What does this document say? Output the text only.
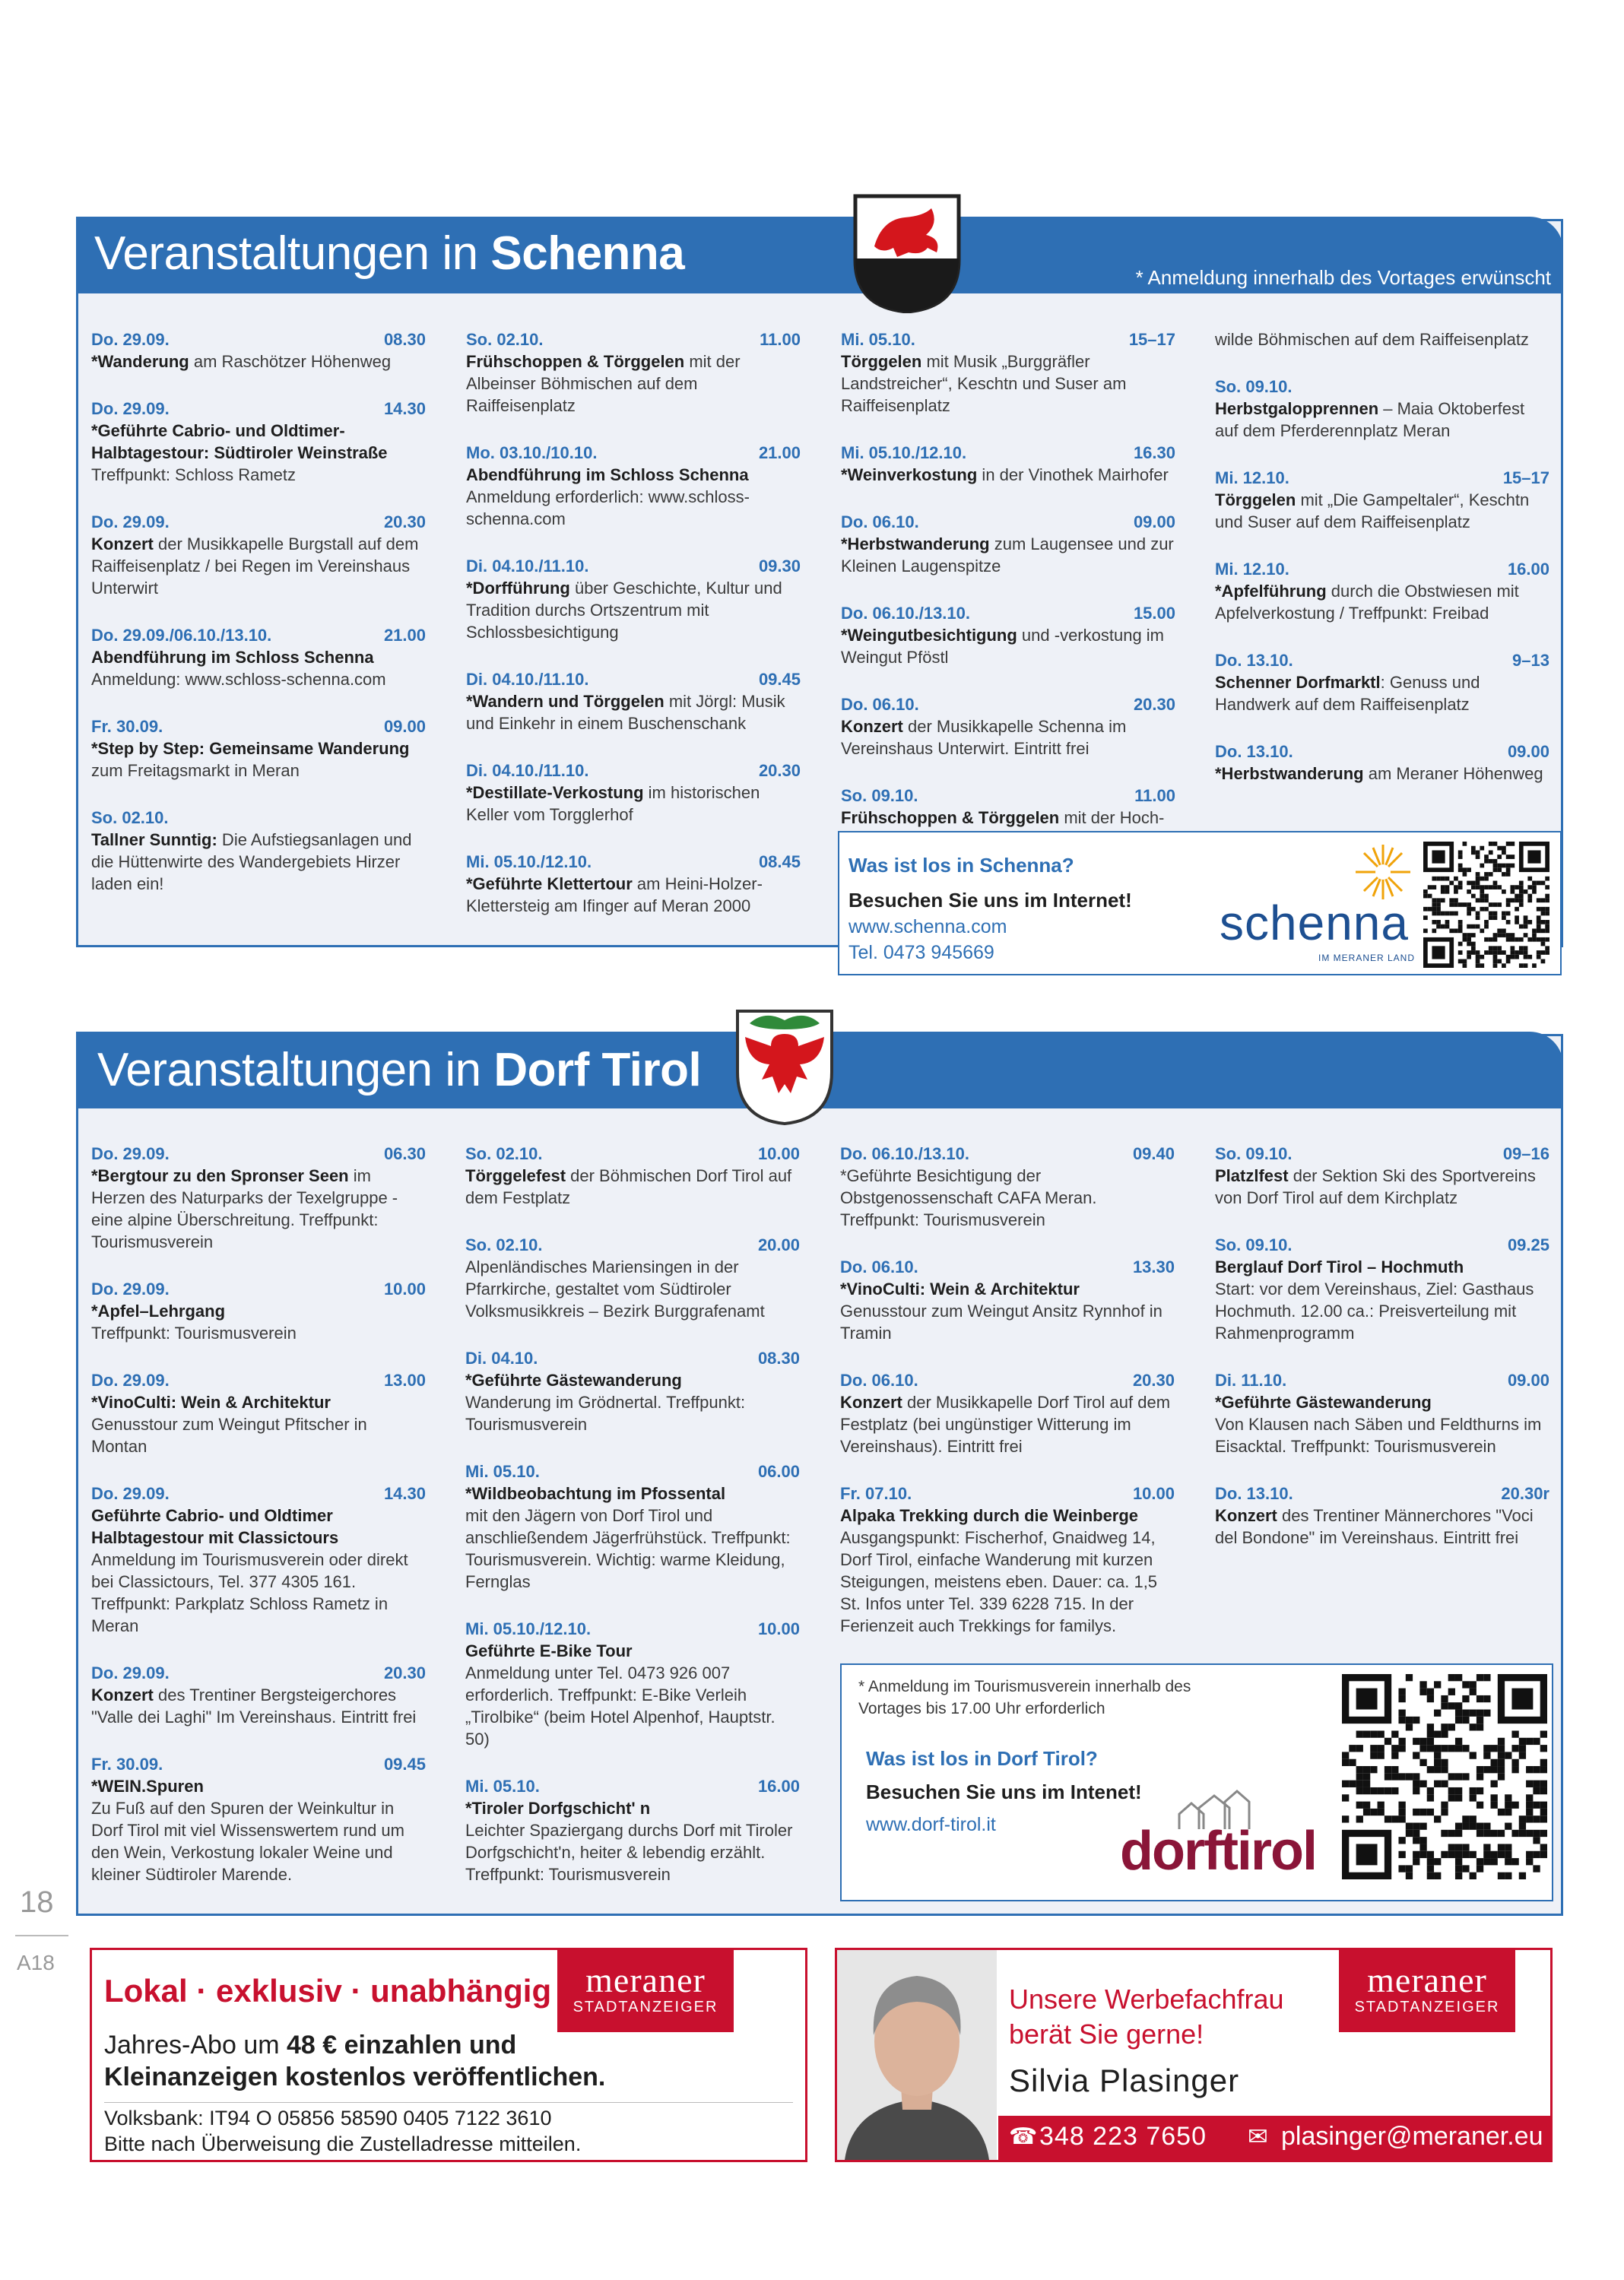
Veranstaltungen in Schenna	* Anmeldung innerhalb des Vortages erwünscht
Do. 29.09.	08.30
*Wanderung am Raschötzer Höhenweg
Do. 29.09.	14.30
*Geführte Cabrio- und Oldtimer-Halbtagestour: Südtiroler Weinstraße
Treffpunkt: Schloss Rametz
Do. 29.09.	20.30
Konzert der Musikkapelle Burgstall auf dem Raiffeisenplatz / bei Regen im Vereinshaus Unterwirt
Do. 29.09./06.10./13.10.	21.00
Abendführung im Schloss Schenna
Anmeldung: www.schloss-schenna.com
Fr. 30.09.	09.00
*Step by Step: Gemeinsame Wanderung zum Freitagsmarkt in Meran
So. 02.10.
Tallner Sunntig: Die Aufstiegsanlagen und die Hüttenwirte des Wandergebiets Hirzer laden ein!
So. 02.10.	11.00
Frühschoppen & Törggelen mit der Albeinser Böhmischen auf dem Raiffeisenplatz
Mo. 03.10./10.10.	21.00
Abendführung im Schloss Schenna
Anmeldung erforderlich: www.schloss-schenna.com
Di. 04.10./11.10.	09.30
*Dorfführung über Geschichte, Kultur und Tradition durchs Ortszentrum mit Schlossbesichtigung
Di. 04.10./11.10.	09.45
*Wandern und Törggelen mit Jörgl: Musik und Einkehr in einem Buschenschank
Di. 04.10./11.10.	20.30
*Destillate-Verkostung im historischen Keller vom Torgglerhof
Mi. 05.10./12.10.	08.45
*Geführte Klettertour am Heini-Holzer-Klettersteig am Ifinger auf Meran 2000
Mi. 05.10.	15–17
Törggelen mit Musik „Burggräfler Landstreicher“, Keschtn und Suser am Raiffeisenplatz
Mi. 05.10./12.10.	16.30
*Weinverkostung in der Vinothek Mairhofer
Do. 06.10.	09.00
*Herbstwanderung zum Laugensee und zur Kleinen Laugenspitze
Do. 06.10./13.10.	15.00
*Weingutbesichtigung und -verkostung im Weingut Pföstl
Do. 06.10.	20.30
Konzert der Musikkapelle Schenna im Vereinshaus Unterwirt. Eintritt frei
So. 09.10.	11.00
Frühschoppen & Törggelen mit der Hoch-
wilde Böhmischen auf dem Raiffeisenplatz
So. 09.10.
Herbstgalopprennen – Maia Oktoberfest auf dem Pferderennplatz Meran
Mi. 12.10.	15–17
Törggelen mit „Die Gampeltaler“, Keschtn und Suser auf dem Raiffeisenplatz
Mi. 12.10.	16.00
*Apfelführung durch die Obstwiesen mit Apfelverkostung / Treffpunkt: Freibad
Do. 13.10.	9–13
Schenner Dorfmarktl: Genuss und Handwerk auf dem Raiffeisenplatz
Do. 13.10.	09.00
*Herbstwanderung am Meraner Höhenweg
Was ist los in Schenna?
Besuchen Sie uns im Internet!
www.schenna.com
Tel. 0473 945669
schenna
IM MERANER LAND
Veranstaltungen in Dorf Tirol
Do. 29.09.	06.30
*Bergtour zu den Spronser Seen im Herzen des Naturparks der Texelgruppe - eine alpine Überschreitung. Treffpunkt: Tourismusverein
Do. 29.09.	10.00
*Apfel–Lehrgang
Treffpunkt: Tourismusverein
Do. 29.09.	13.00
*VinoCulti: Wein & Architektur
Genusstour zum Weingut Pfitscher in Montan
Do. 29.09.	14.30
Geführte Cabrio- und Oldtimer Halbtagestour mit Classictours
Anmeldung im Tourismusverein oder direkt bei Classictours, Tel. 377 4305 161. Treffpunkt: Parkplatz Schloss Rametz in Meran
Do. 29.09.	20.30
Konzert des Trentiner Bergsteigerchores "Valle dei Laghi" Im Vereinshaus. Eintritt frei
Fr. 30.09.	09.45
*WEIN.Spuren
Zu Fuß auf den Spuren der Weinkultur in Dorf Tirol mit viel Wissenswertem rund um den Wein, Verkostung lokaler Weine und kleiner Südtiroler Marende.
So. 02.10.	10.00
Törggelefest der Böhmischen Dorf Tirol auf dem Festplatz
So. 02.10.	20.00
Alpenländisches Mariensingen in der Pfarrkirche, gestaltet vom Südtiroler Volksmusikkreis – Bezirk Burggrafenamt
Di. 04.10.	08.30
*Geführte Gästewanderung
Wanderung im Grödnertal. Treffpunkt: Tourismusverein
Mi. 05.10.	06.00
*Wildbeobachtung im Pfossental
mit den Jägern von Dorf Tirol und anschließendem Jägerfrühstück. Treffpunkt: Tourismusverein. Wichtig: warme Kleidung, Fernglas
Mi. 05.10./12.10.	10.00
Geführte E-Bike Tour
Anmeldung unter Tel. 0473 926 007 erforderlich. Treffpunkt: E-Bike Verleih „Tirolbike“ (beim Hotel Alpenhof, Hauptstr. 50)
Mi. 05.10.	16.00
*Tiroler Dorfgschicht' n
Leichter Spaziergang durchs Dorf mit Tiroler Dorfgschicht'n, heiter & lebendig erzählt. Treffpunkt: Tourismusverein
Do. 06.10./13.10.	09.40
*Geführte Besichtigung der Obstgenossenschaft CAFA Meran. Treffpunkt: Tourismusverein
Do. 06.10.	13.30
*VinoCulti: Wein & Architektur
Genusstour zum Weingut Ansitz Rynnhof in Tramin
Do. 06.10.	20.30
Konzert der Musikkapelle Dorf Tirol auf dem Festplatz (bei ungünstiger Witterung im Vereinshaus). Eintritt frei
Fr. 07.10.	10.00
Alpaka Trekking durch die Weinberge
Ausgangspunkt: Fischerhof, Gnaidweg 14, Dorf Tirol, einfache Wanderung mit kurzen Steigungen, meistens eben. Dauer: ca. 1,5 St. Infos unter Tel. 339 6228 715. In der Ferienzeit auch Trekkings for familys.
So. 09.10.	09–16
Platzlfest der Sektion Ski des Sportvereins von Dorf Tirol auf dem Kirchplatz
So. 09.10.	09.25
Berglauf Dorf Tirol – Hochmuth
Start: vor dem Vereinshaus, Ziel: Gasthaus Hochmuth. 12.00 ca.: Preisverteilung mit Rahmenprogramm
Di. 11.10.	09.00
*Geführte Gästewanderung
Von Klausen nach Säben und Feldthurns im Eisacktal. Treffpunkt: Tourismusverein
Do. 13.10.	20.30r
Konzert des Trentiner Männerchores "Voci del Bondone" im Vereinshaus. Eintritt frei
* Anmeldung im Tourismusverein innerhalb des Vortages bis 17.00 Uhr erforderlich
Was ist los in Dorf Tirol?
Besuchen Sie uns im Intenet!
www.dorf-tirol.it dorftirol
18
A18
Lokal · exklusiv · unabhängig meraner
STADTANZEIGER
Jahres-Abo um 48 € einzahlen und
Kleinanzeigen kostenlos veröffentlichen.
Volksbank: IT94 O 05856 58590 0405 7122 3610
Bitte nach Überweisung die Zustelladresse mitteilen.
Unsere Werbefachfrau
berät Sie gerne!
Silvia Plasinger
meraner
STADTANZEIGER
☎ 348 223 7650 ✉ plasinger@meraner.eu
